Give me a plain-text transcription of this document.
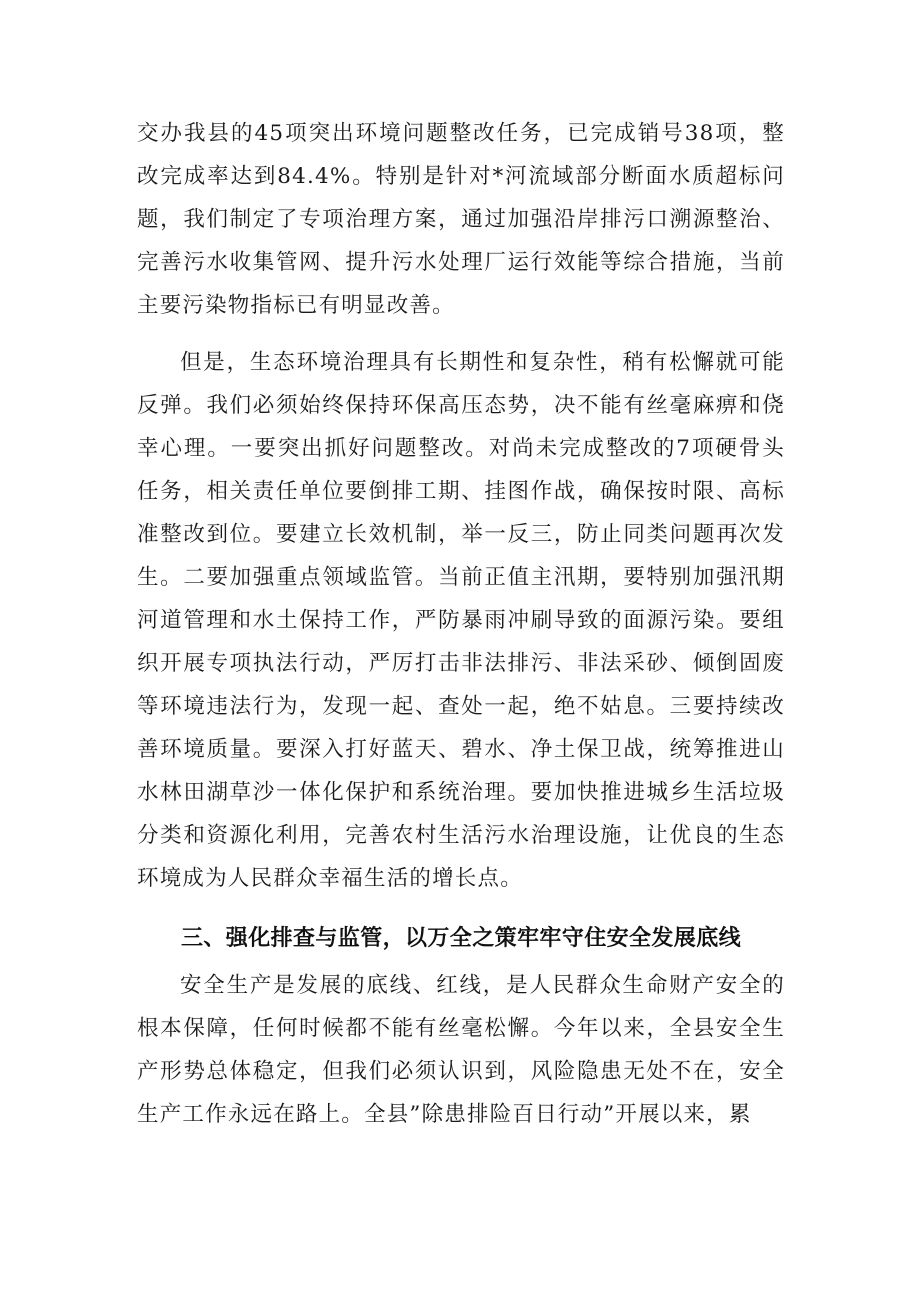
交办我县的45项突出环境问题整改任务，已完成销号38项，整改完成率达到84.4%。特别是针对*河流域部分断面水质超标问题，我们制定了专项治理方案，通过加强沿岸排污口溯源整治、完善污水收集管网、提升污水处理厂运行效能等综合措施，当前主要污染物指标已有明显改善。

但是，生态环境治理具有长期性和复杂性，稍有松懈就可能反弹。我们必须始终保持环保高压态势，决不能有丝毫麻痹和侥幸心理。一要突出抓好问题整改。对尚未完成整改的7项硬骨头任务，相关责任单位要倒排工期、挂图作战，确保按时限、高标准整改到位。要建立长效机制，举一反三，防止同类问题再次发生。二要加强重点领域监管。当前正值主汛期，要特别加强汛期河道管理和水土保持工作，严防暴雨冲刷导致的面源污染。要组织开展专项执法行动，严厉打击非法排污、非法采砂、倾倒固废等环境违法行为，发现一起、查处一起，绝不姑息。三要持续改善环境质量。要深入打好蓝天、碧水、净土保卫战，统筹推进山水林田湖草沙一体化保护和系统治理。要加快推进城乡生活垃圾分类和资源化利用，完善农村生活污水治理设施，让优良的生态环境成为人民群众幸福生活的增长点。

三、强化排查与监管，以万全之策牢牢守住安全发展底线

安全生产是发展的底线、红线，是人民群众生命财产安全的根本保障，任何时候都不能有丝毫松懈。今年以来，全县安全生产形势总体稳定，但我们必须认识到，风险隐患无处不在，安全生产工作永远在路上。全县”除患排险百日行动”开展以来，累
